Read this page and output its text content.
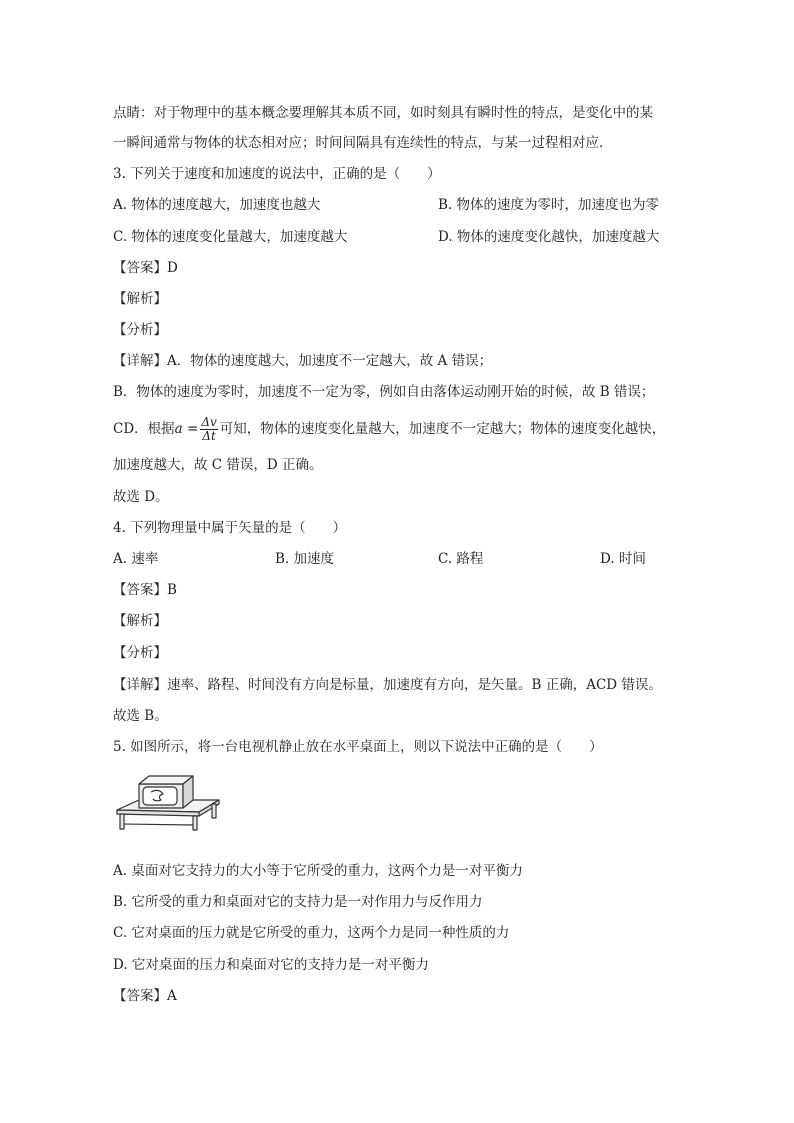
点睛：对于物理中的基本概念要理解其本质不同，如时刻具有瞬时性的特点，是变化中的某
一瞬间通常与物体的状态相对应；时间间隔具有连续性的特点，与某一过程相对应．
3. 下列关于速度和加速度的说法中，正确的是（　　）
A. 物体的速度越大，加速度也越大	B. 物体的速度为零时，加速度也为零
C. 物体的速度变化量越大，加速度越大	D. 物体的速度变化越快，加速度越大
【答案】D
【解析】
【分析】
【详解】A．物体的速度越大，加速度不一定越大，故 A 错误；
B．物体的速度为零时，加速度不一定为零，例如自由落体运动刚开始的时候，故 B 错误；
CD．根据$a = \frac{\Delta v}{\Delta t}$ 可知，物体的速度变化量越大，加速度不一定越大；物体的速度变化越快，
加速度越大，故 C 错误，D 正确。
故选 D。
4. 下列物理量中属于矢量的是（　　）
A. 速率	B. 加速度	C. 路程	D. 时间
【答案】B
【解析】
【分析】
【详解】速率、路程、时间没有方向是标量，加速度有方向，是矢量。B 正确，ACD 错误。
故选 B。
5. 如图所示，将一台电视机静止放在水平桌面上，则以下说法中正确的是（　　）
A. 桌面对它支持力的大小等于它所受的重力，这两个力是一对平衡力
B. 它所受的重力和桌面对它的支持力是一对作用力与反作用力
C. 它对桌面的压力就是它所受的重力，这两个力是同一种性质的力
D. 它对桌面的压力和桌面对它的支持力是一对平衡力
【答案】A
